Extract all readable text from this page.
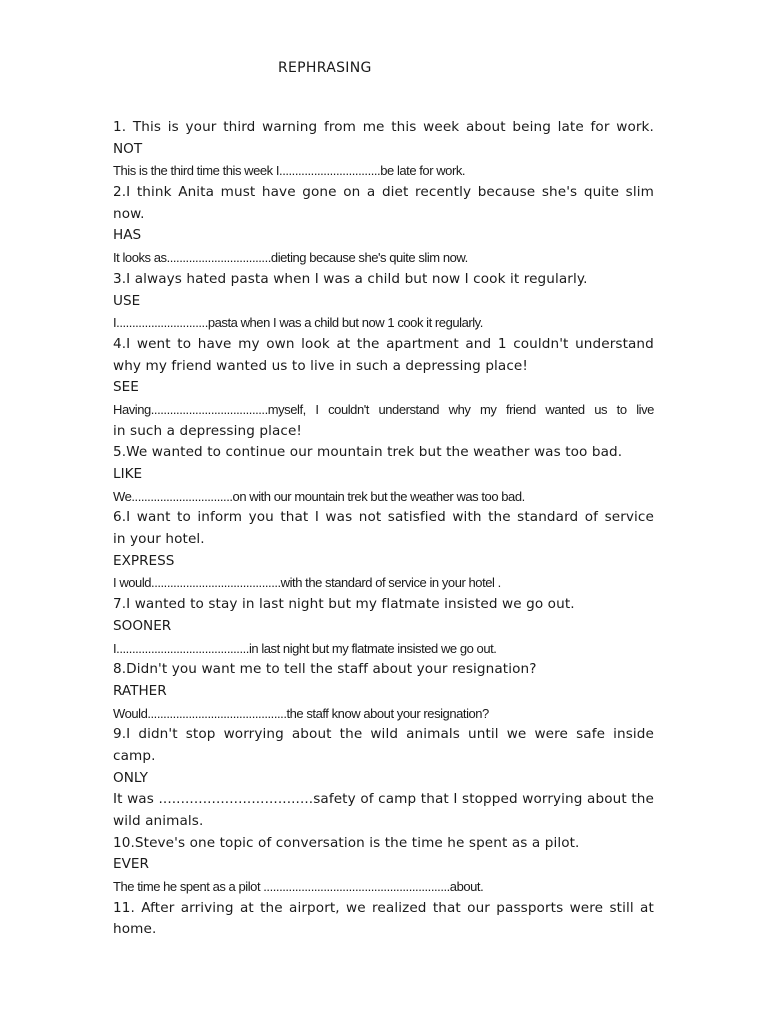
REPHRASING
1. This is your third warning from me this week about being late for work.
NOT
This is the third time this week I................................be late for work.
2.I think Anita must have gone on a diet recently because she's quite slim
now.
HAS
It looks as.................................dieting because she's quite slim now.
3.I always hated pasta when I was a child but now I cook it regularly.
USE
I.............................pasta when I was a child but now 1 cook it regularly.
4.I went to have my own look at the apartment and 1 couldn't understand
why my friend wanted us to live in such a depressing place!
SEE
Having.....................................myself, I couldn't understand why my friend wanted us to live
in such a depressing place!
5.We wanted to continue our mountain trek but the weather was too bad.
LIKE
We................................on with our mountain trek but the weather was too bad.
6.I want to inform you that I was not satisfied with the standard of service
in your hotel.
EXPRESS
I would.........................................with the standard of service in your hotel .
7.I wanted to stay in last night but my flatmate insisted we go out.
SOONER
I..........................................in last night but my flatmate insisted we go out.
8.Didn't you want me to tell the staff about your resignation?
RATHER
Would............................................the staff know about your resignation?
9.I didn't stop worrying about the wild animals until we were safe inside
camp.
ONLY
It was ...................................safety of camp that I stopped worrying about the
wild animals.
10.Steve's one topic of conversation is the time he spent as a pilot.
EVER
The time he spent as a pilot ...........................................................about.
11. After arriving at the airport, we realized that our passports were still at
home.
